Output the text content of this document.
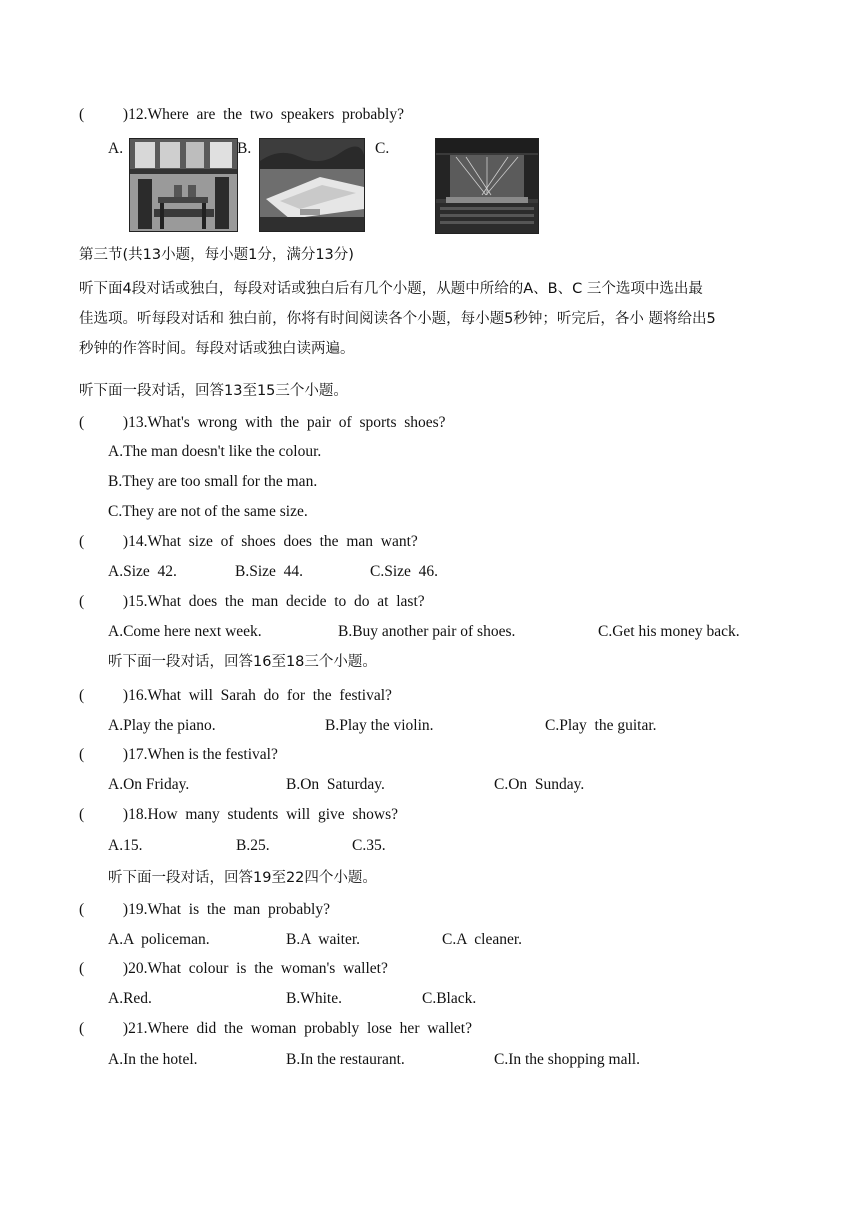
(          )12.Where  are  the  two  speakers  probably?
A.	B.	C.
第三节(共13小题，每小题1分，满分13分)
听下面4段对话或独白，每段对话或独白后有几个小题，从题中所给的A、B、C 三个选项中选出最
佳选项。听每段对话和 独白前，你将有时间阅读各个小题，每小题5秒钟；听完后，各小 题将给出5
秒钟的作答时间。每段对话或独白读两遍。
听下面一段对话，回答13至15三个小题。
(          )13.What's  wrong  with  the  pair  of  sports  shoes?
A.The man doesn't like the colour.
B.They are too small for the man.
C.They are not of the same size.
(          )14.What  size  of  shoes  does  the  man  want?
A.Size  42.	B.Size  44.	C.Size  46.
(          )15.What  does  the  man  decide  to  do  at  last?
A.Come here next week.	B.Buy another pair of shoes.	C.Get his money back.
听下面一段对话，回答16至18三个小题。
(          )16.What  will  Sarah  do  for  the  festival?
A.Play the piano.	B.Play the violin.	C.Play  the guitar.
(          )17.When is the festival?
A.On Friday.	B.On  Saturday.	C.On  Sunday.
(          )18.How  many  students  will  give  shows?
A.15.	B.25.	C.35.
听下面一段对话，回答19至22四个小题。
(          )19.What  is  the  man  probably?
A.A  policeman.	B.A  waiter.	C.A  cleaner.
(          )20.What  colour  is  the  woman's  wallet?
A.Red.	B.White.	C.Black.
(          )21.Where  did  the  woman  probably  lose  her  wallet?
A.In the hotel.	B.In the restaurant.	C.In the shopping mall.
